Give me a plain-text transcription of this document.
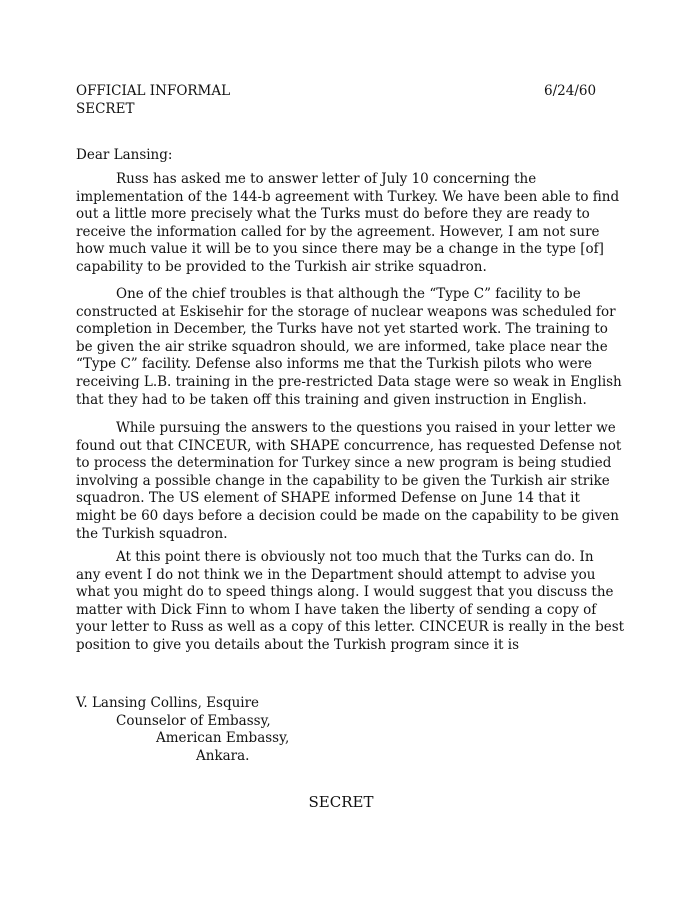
OFFICIAL INFORMAL
SECRET
6/24/60
Dear Lansing:
Russ has asked me to answer letter of July 10 concerning the
implementation of the 144-b agreement with Turkey. We have been able to find
out a little more precisely what the Turks must do before they are ready to
receive the information called for by the agreement. However, I am not sure
how much value it will be to you since there may be a change in the type [of]
capability to be provided to the Turkish air strike squadron.
One of the chief troubles is that although the “Type C” facility to be
constructed at Eskisehir for the storage of nuclear weapons was scheduled for
completion in December, the Turks have not yet started work. The training to
be given the air strike squadron should, we are informed, take place near the
“Type C” facility. Defense also informs me that the Turkish pilots who were
receiving L.B. training in the pre-restricted Data stage were so weak in English
that they had to be taken off this training and given instruction in English.
While pursuing the answers to the questions you raised in your letter we
found out that CINCEUR, with SHAPE concurrence, has requested Defense not
to process the determination for Turkey since a new program is being studied
involving a possible change in the capability to be given the Turkish air strike
squadron. The US element of SHAPE informed Defense on June 14 that it
might be 60 days before a decision could be made on the capability to be given
the Turkish squadron.
At this point there is obviously not too much that the Turks can do. In
any event I do not think we in the Department should attempt to advise you
what you might do to speed things along. I would suggest that you discuss the
matter with Dick Finn to whom I have taken the liberty of sending a copy of
your letter to Russ as well as a copy of this letter. CINCEUR is really in the best
position to give you details about the Turkish program since it is
V. Lansing Collins, Esquire
Counselor of Embassy,
American Embassy,
Ankara.
SECRET
